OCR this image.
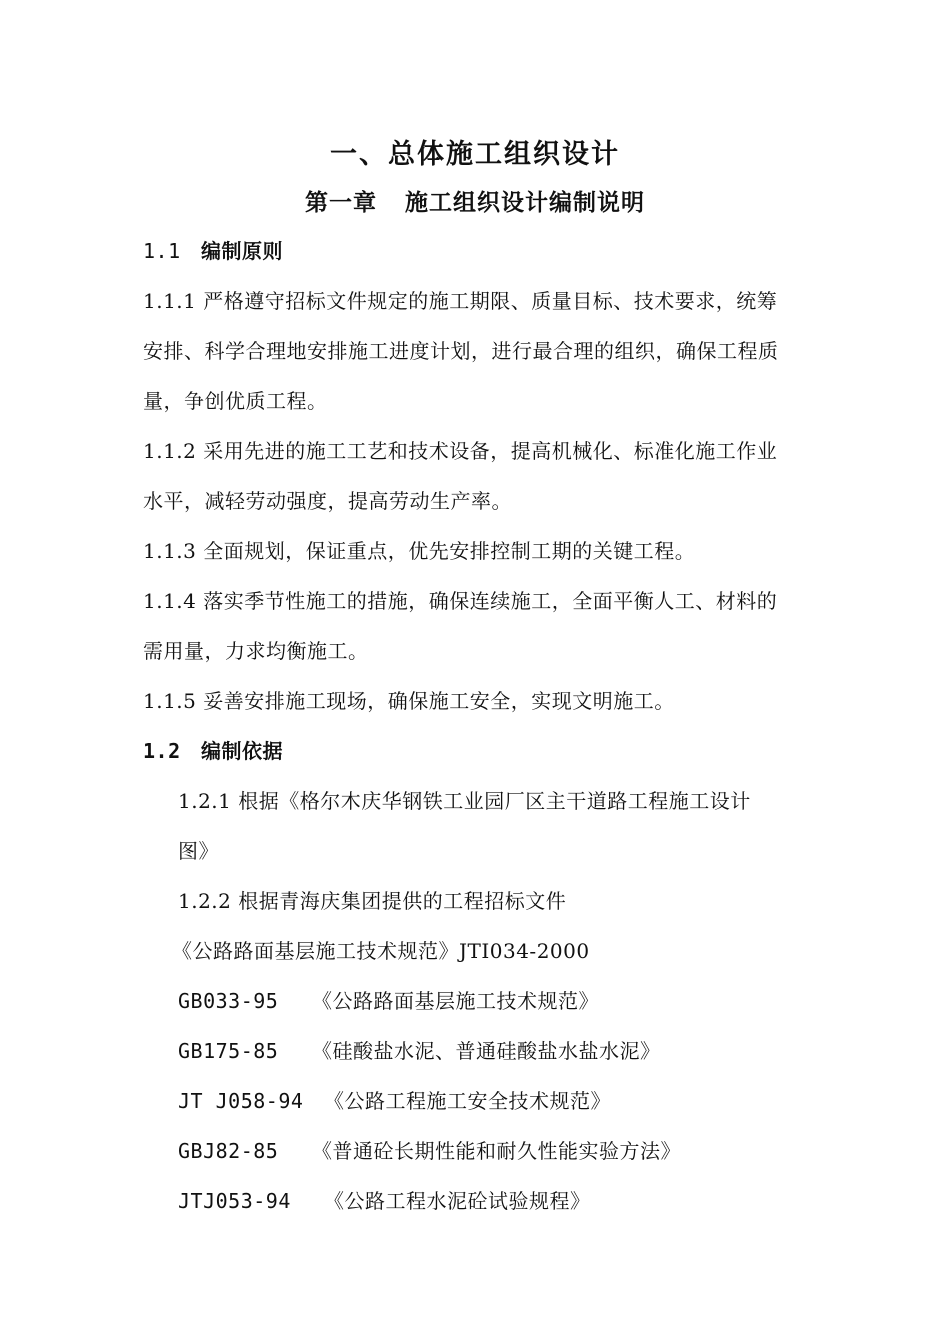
一、总体施工组织设计
第一章 施工组织设计编制说明
1.1 编制原则
1.1.1 严格遵守招标文件规定的施工期限、质量目标、技术要求，统筹
安排、科学合理地安排施工进度计划，进行最合理的组织，确保工程质
量，争创优质工程。
1.1.2 采用先进的施工工艺和技术设备，提高机械化、标准化施工作业
水平，减轻劳动强度，提高劳动生产率。
1.1.3 全面规划，保证重点，优先安排控制工期的关键工程。
1.1.4 落实季节性施工的措施，确保连续施工，全面平衡人工、材料的
需用量，力求均衡施工。
1.1.5 妥善安排施工现场，确保施工安全，实现文明施工。
1.2 编制依据
1.2.1 根据《格尔木庆华钢铁工业园厂区主干道路工程施工设计
图》
1.2.2 根据青海庆集团提供的工程招标文件
《公路路面基层施工技术规范》JTI034-2000
GB033-95 《公路路面基层施工技术规范》
GB175-85 《硅酸盐水泥、普通硅酸盐水盐水泥》
JT J058-94 《公路工程施工安全技术规范》
GBJ82-85 《普通砼长期性能和耐久性能实验方法》
JTJ053-94 《公路工程水泥砼试验规程》
